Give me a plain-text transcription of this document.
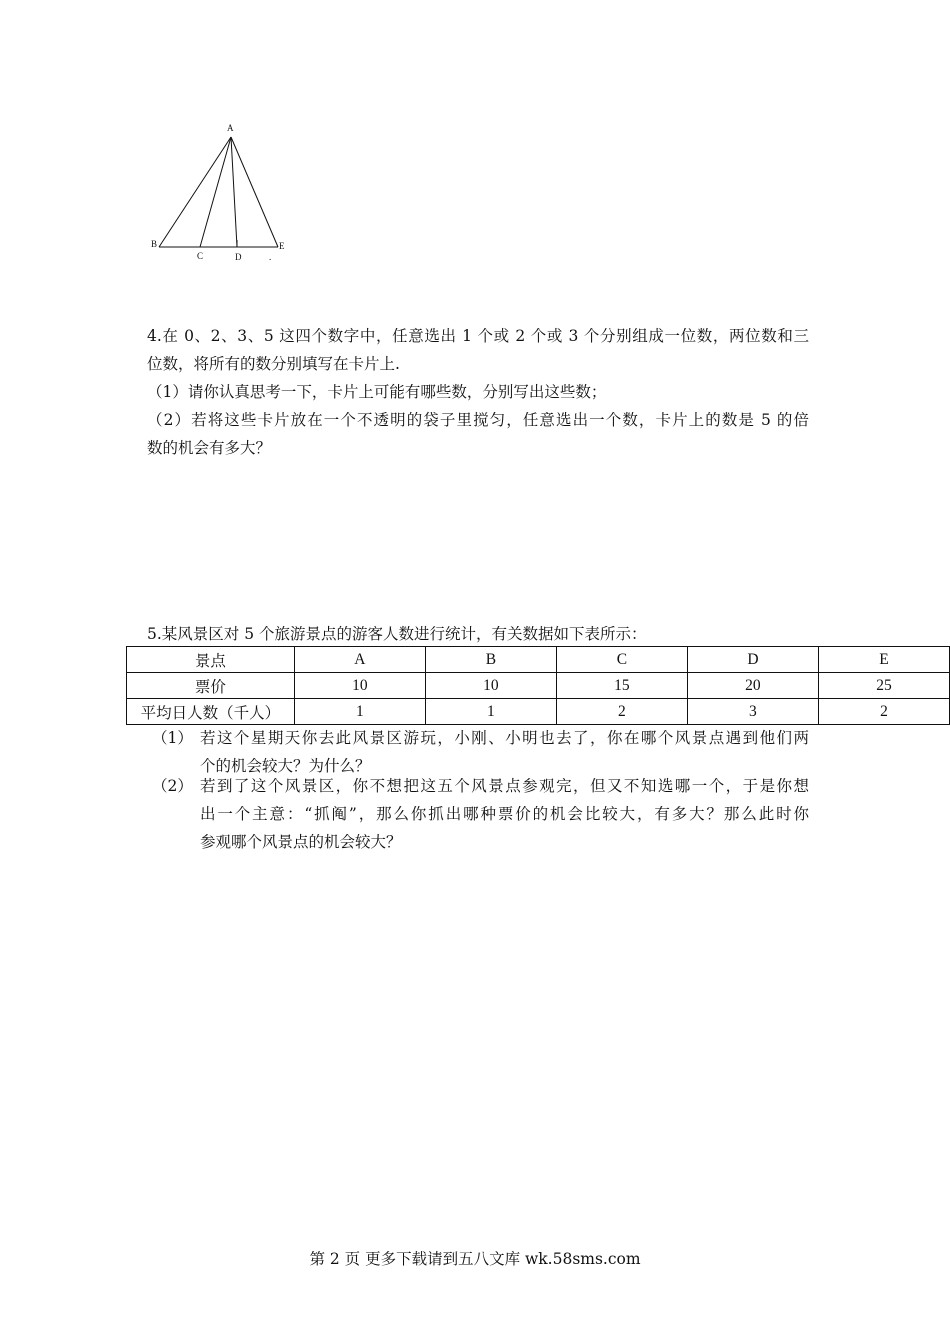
A
B
C	D
E
.
4.在 0、2、3、5 这四个数字中，任意选出 1 个或 2 个或 3 个分别组成一位数，两位数和三
位数，将所有的数分别填写在卡片上.
（1）请你认真思考一下，卡片上可能有哪些数，分别写出这些数；
（2）若将这些卡片放在一个不透明的袋子里搅匀，任意选出一个数，卡片上的数是 5 的倍
数的机会有多大？
5.某风景区对 5 个旅游景点的游客人数进行统计，有关数据如下表所示：
景点	A	B	C	D	E
票价	10	10	15	20	25
平均日人数（千人）	1	1	2	3	2
（1） 若这个星期天你去此风景区游玩，小刚、小明也去了，你在哪个风景点遇到他们两
个的机会较大？为什么？
（2） 若到了这个风景区，你不想把这五个风景点参观完，但又不知选哪一个，于是你想
出一个主意：“抓阄”，那么你抓出哪种票价的机会比较大，有多大？那么此时你
参观哪个风景点的机会较大？
第 2 页 更多下载请到五八文库 wk.58sms.com
